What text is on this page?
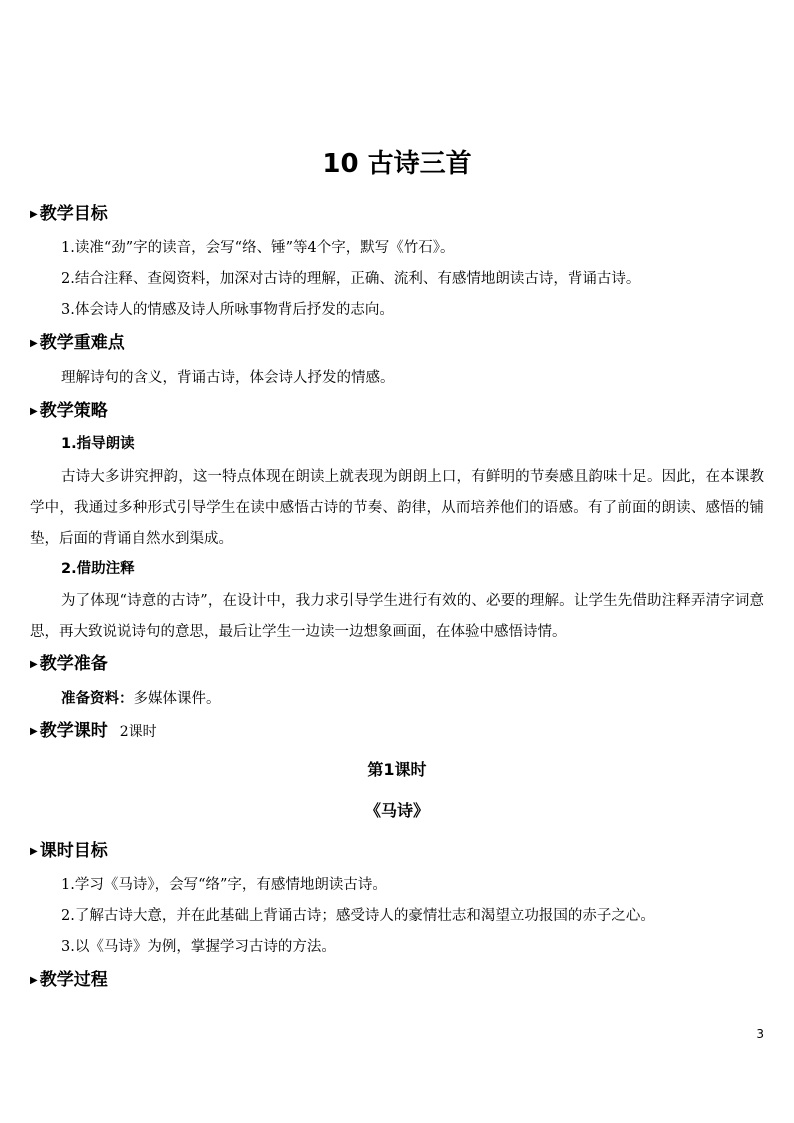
10 古诗三首
▶ 教学目标
1.读准“劲”字的读音，会写“络、锤”等4个字，默写《竹石》。
2.结合注释、查阅资料，加深对古诗的理解，正确、流利、有感情地朗读古诗，背诵古诗。
3.体会诗人的情感及诗人所咏事物背后抒发的志向。
▶ 教学重难点
理解诗句的含义，背诵古诗，体会诗人抒发的情感。
▶ 教学策略
1.指导朗读

古诗大多讲究押韵，这一特点体现在朗读上就表现为朗朗上口，有鲜明的节奏感且韵味十足。因此，在本课教学中，我通过多种形式引导学生在读中感悟古诗的节奏、韵律，从而培养他们的语感。有了前面的朗读、感悟的铺垫，后面的背诵自然水到渠成。

2.借助注释

为了体现“诗意的古诗”，在设计中，我力求引导学生进行有效的、必要的理解。让学生先借助注释弄清字词意思，再大致说说诗句的意思，最后让学生一边读一边想象画面，在体验中感悟诗情。

▶ 教学准备
准备资料：多媒体课件。
▶ 教学课时 2课时
第1课时
《马诗》
▶ 课时目标
1.学习《马诗》，会写“络”字，有感情地朗读古诗。
2.了解古诗大意，并在此基础上背诵古诗；感受诗人的豪情壮志和渴望立功报国的赤子之心。
3.以《马诗》为例，掌握学习古诗的方法。
▶ 教学过程
3
